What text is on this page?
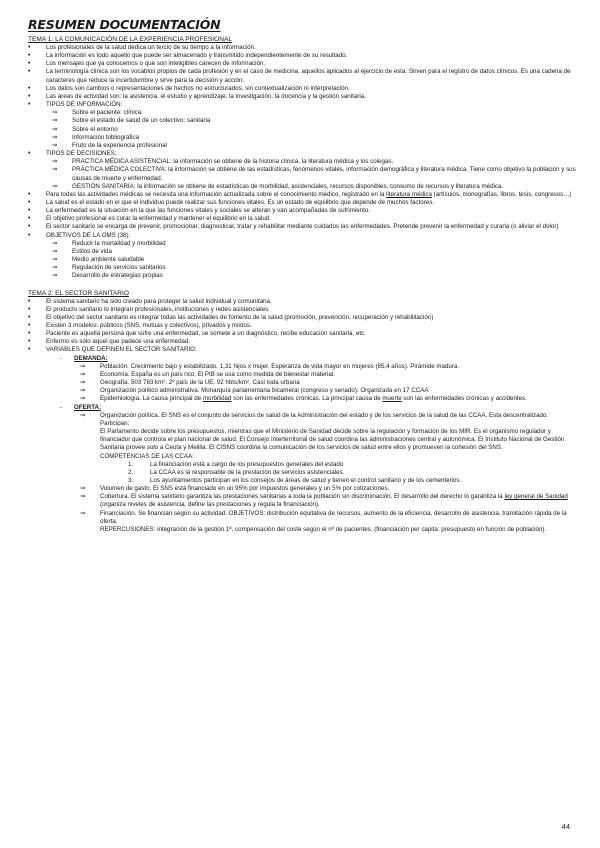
RESUMEN DOCUMENTACIÓN
TEMA 1: LA COMUNICACIÓN DE LA EXPERIENCIA PROFESIONAL
• Los profesionales de la salud dedica un tercio de su tiempo a la información.
• La información es todo aquello que puede ser almacenado y transmitido independientemente de su resultado.
• Los mensajes que ya conocemos o que son inteligibles carecen de información.
• La terminología clínica son los vocablos propios de cada profesión y en el caso de medicina, aquellos aplicados al ejercicio de esta. Sirven para el registro de datos clínicos. Es una cadena de caracteres que reduce la incertidumbre y sirve para la decisión y acción.
• Los datos son cambios o representaciones de hechos no estructurados, sin contextualización ni interpretación.
• Las áreas de actividad son: la asistencia, el estudio y aprendizaje, la investigación, la docencia y la gestión sanitaria.
• TIPOS DE INFORMACIÓN:
⇒ Sobre el paciente: clínica
⇒ Sobre el estado de salud de un colectivo: sanitaria
⇒ Sobre el entorno
⇒ Información bibliográfica
⇒ Fruto de la experiencia profesional
• TIPOS DE DECISIONES:
⇒ PRACTICA MÉDICA ASISTENCIAL: la información se obtiene de la historia clínica, la literatura médica y los colegas.
⇒ PRÁCTICA MÉDICA COLECTIVA: la información se obtiene de las estadísticas, fenómenos vitales, información demográfica y literatura médica. Tiene como objetivo la población y sus causas de muerte y enfermedad.
⇒ GESTIÓN SANITARIA: la información se obtiene de estadísticas de morbilidad, asistenciales, recursos disponibles, consumo de recursos y literatura médica.
• Para todas las actividades médicas se necesita una información actualizada sobre el conocimiento médico, registrado en la literatura médica (artículos, monografías, libros, tesis, congresos…)
• La salud es el estado en el que el individuo puede realizar sus funciones vitales. Es un estado de equilibrio que depende de muchos factores.
• La enfermedad es la situación en la que las funciones vitales y sociales se alteran y van acompañadas de sufrimiento.
• El objetivo profesional es curar la enfermedad y mantener el equilibrio en la salud.
• El sector sanitario se encarga de prevenir, promocionar, diagnosticar, tratar y rehabilitar mediante cuidados las enfermedades. Pretende prevenir la enfermedad y curarla (o aliviar el dolor)
• OBJETIVOS DE LA OMS (38):
⇒ Reducir la mortalidad y morbilidad
⇒ Estilos de vida
⇒ Medio ambiente saludable
⇒ Regulación de servicios sanitarios
⇒ Desarrollo de estrategias propias
TEMA 2: EL SECTOR SANITARIO
• El sistema sanitario ha sido creado para proteger la salud individual y comunitaria.
• El producto sanitario lo integran profesionales, instituciones y redes asistenciales
• El objetivo del sector sanitario es integrar todas las actividades de fomento de la salud (promoción, prevención, recuperación y rehabilitación)
• Existen 3 modelos: públicos (SNS, mutuas y colectivos), privados y mixtos.
• Paciente es aquella persona que sufre una enfermedad, se somete a un diagnóstico, recibe educación sanitaria, etc.
• Enfermo es sólo aquel que padece una enfermedad.
• VARIABLES QUE DEFINEN EL SECTOR SANITARIO:
- DEMANDA:
⇒ Población. Crecimiento bajo y estabilizado. 1,31 hijos x mujer. Esperanza de vida mayor en mujeres (85,4 años). Pirámide madura.
⇒ Economía. España es un país rico. El PIB se usa como medida de bienestar material.
⇒ Geografía. 503 783 km². 2º país de la UE. 92 hbts/km². Casi toda urbana
⇒ Organización político administrativa. Monarquía parlamentaria bicameral (congreso y senado). Organizada en 17 CCAA
⇒ Epidemiología. La causa principal de morbilidad son las enfermedades crónicas. La principal causa de muerte son las enfermedades crónicas y accidentes.
- OFERTA:
⇒ Organización política. El SNS es el conjunto de servicios de salud de la Administración del estado y de los servicios de la salud de las CCAA. Esta descentralizado. Participan:
El Parlamento decide sobre los presupuestos, mientras que el Ministerio de Sanidad decide sobre la regulación y formación de los MIR. Es el organismo regulador y financiador que controla el plan nacional de salud. El Consejo Interterritorial de salud coordina las administraciones central y autonómica. El Instituto Nacional de Gestión Sanitaria provee solo a Ceuta y Melilla. El CISNS coordina la comunicación de los servicios de salud entre ellos y promueven la cohesión del SNS.
COMPETENCIAS DE LAS CCAA:
1.	La financiación está a cargo de los presupuestos generales del estado
2.	La CCAA es la responsable de la prestación de servicios asistenciales.
3.	Los ayuntamientos participan en los consejos de áreas de salud y tienen el control sanitario y de los cementerios.
⇒ Volumen de gasto. El SNS está financiado en un 95% por impuestos generales y un 5% por cotizaciones.
⇒ Cobertura. El sistema sanitario garantiza las prestaciones sanitarias a toda la población sin discriminación. El desarrollo del derecho lo garantiza la ley general de Sanidad (organiza niveles de asistencia, define las prestaciones y regula la financiación).
⇒ Financiación. Se financian según su actividad. OBJETIVOS: distribución equitativa de recursos, aumento de la eficiencia, desarrollo de asistencia, tramitación rápida de la oferta.
REPERCUSIONES: integración de la gestión 1ª, compensación del coste según el nº de pacientes. (financiación per capita: presupuesto en función de población).
44
